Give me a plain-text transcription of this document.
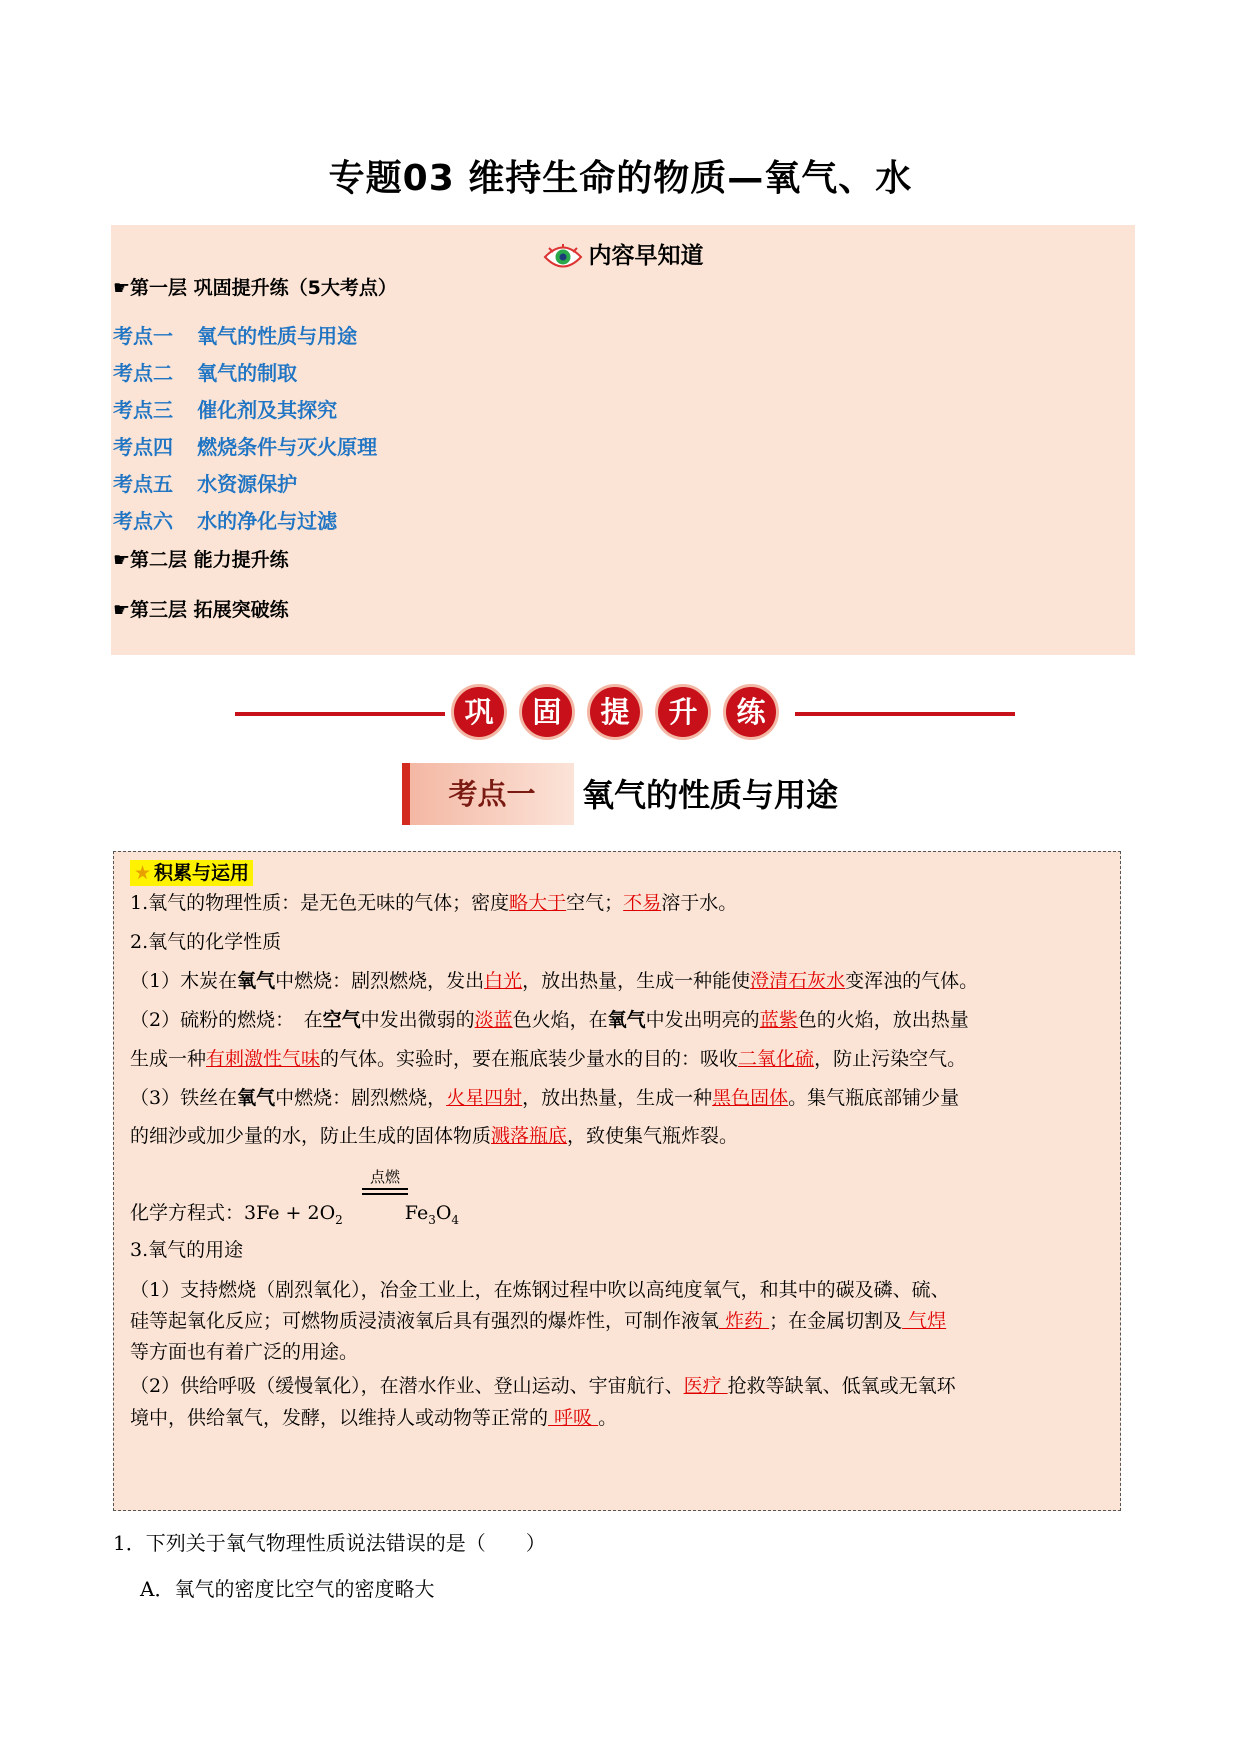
专题03 维持生命的物质—氧气、水
内容早知道
☛第一层 巩固提升练（5大考点）
考点一  氧气的性质与用途
考点二  氧气的制取
考点三  催化剂及其探究
考点四  燃烧条件与灭火原理
考点五  水资源保护
考点六  水的净化与过滤
☛第二层 能力提升练
☛第三层 拓展突破练
巩	固	提	升	练
考点一	氧气的性质与用途
★ 积累与运用
1.氧气的物理性质：是无色无味的气体；密度略大于空气；不易溶于水。
2.氧气的化学性质
（1）木炭在氧气中燃烧：剧烈燃烧，发出白光，放出热量，生成一种能使澄清石灰水变浑浊的气体。
（2）硫粉的燃烧：　在空气中发出微弱的淡蓝色火焰，在氧气中发出明亮的蓝紫色的火焰，放出热量
生成一种有刺激性气味的气体。实验时，要在瓶底装少量水的目的：吸收二氧化硫，防止污染空气。
（3）铁丝在氧气中燃烧：剧烈燃烧，火星四射，放出热量，生成一种黑色固体。集气瓶底部铺少量
的细沙或加少量的水，防止生成的固体物质溅落瓶底，致使集气瓶炸裂。
化学方程式：$3Fe + 2O_2$	$Fe_3O_4$
3.氧气的用途
（1）支持燃烧（剧烈氧化），冶金工业上，在炼钢过程中吹以高纯度氧气，和其中的碳及磷、硫、
硅等起氧化反应；可燃物质浸渍液氧后具有强烈的爆炸性，可制作液氧 炸药 ；在金属切割及 气焊
等方面也有着广泛的用途。
（2）供给呼吸（缓慢氧化），在潜水作业、登山运动、宇宙航行、医疗 抢救等缺氧、低氧或无氧环
境中，供给氧气，发酵，以维持人或动物等正常的 呼吸 。
点燃
1．下列关于氧气物理性质说法错误的是（　　）
A．氧气的密度比空气的密度略大
